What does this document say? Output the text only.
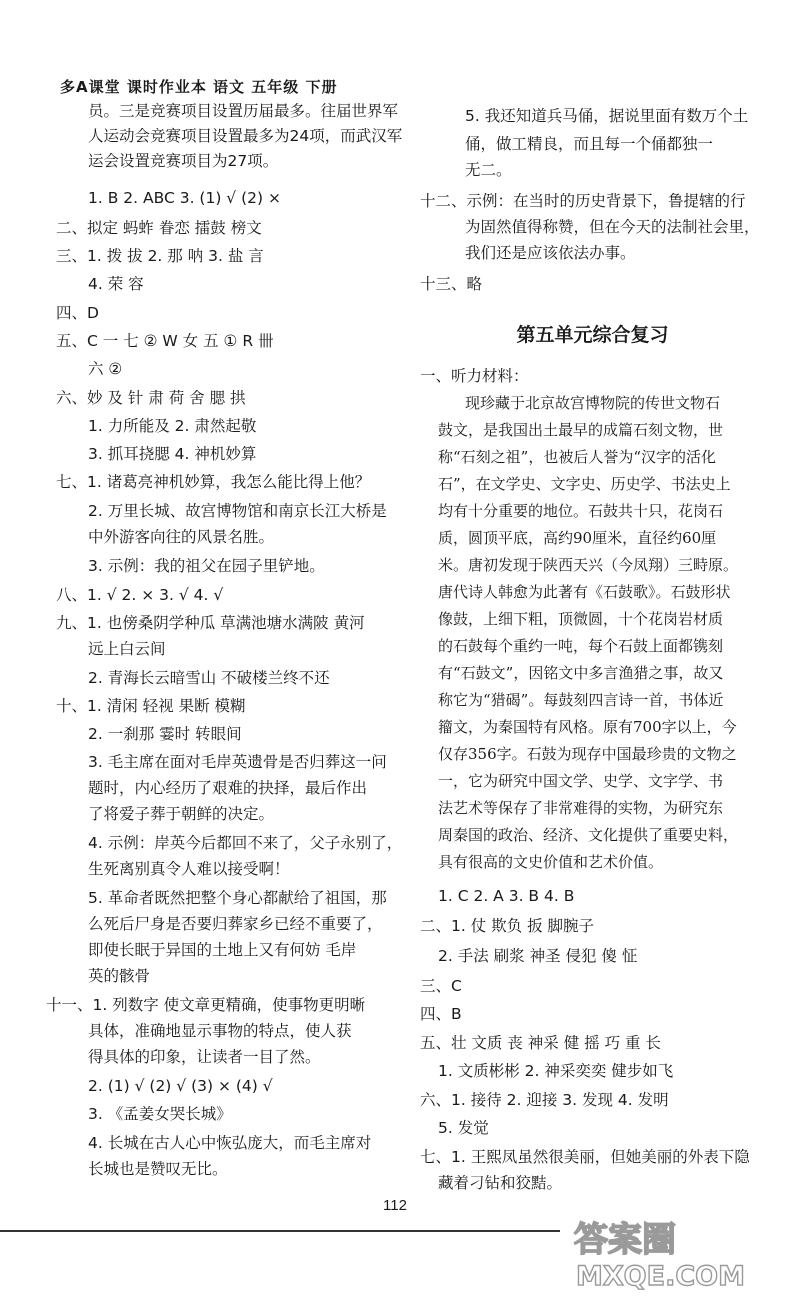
多A课堂 课时作业本 语文 五年级 下册
员。三是竞赛项目设置历届最多。往届世界军
人运动会竞赛项目设置最多为24项，而武汉军
运会设置竞赛项目为27项。
1. B 2. ABC 3. (1) √ (2) ×
二、拟定 蚂蚱 眷恋 擂鼓 榜文
三、1. 拨 拔 2. 那 呐 3. 盐 言
4. 荣 容
四、D
五、C ⼀ 七 ② W 女 五 ① R 卌
六 ②
六、妙 及 针 肃 荷 舍 腮 拱
1. 力所能及 2. 肃然起敬
3. 抓耳挠腮 4. 神机妙算
七、1. 诸葛亮神机妙算，我怎么能比得上他？
2. 万里长城、故宫博物馆和南京长江大桥是
中外游客向往的风景名胜。
3. 示例：我的祖父在园子里铲地。
八、1. √ 2. × 3. √ 4. √
九、1. 也傍桑阴学种瓜 草满池塘水满陂 黄河
远上白云间
2. 青海长云暗雪山 不破楼兰终不还
十、1. 清闲 轻视 果断 模糊
2. 一刹那 霎时 转眼间
3. 毛主席在面对毛岸英遗骨是否归葬这一问
题时，内心经历了艰难的抉择，最后作出
了将爱子葬于朝鲜的决定。
4. 示例：岸英今后都回不来了，父子永别了，
生死离别真令人难以接受啊！
5. 革命者既然把整个身心都献给了祖国，那
么死后尸身是否要归葬家乡已经不重要了，
即使长眠于异国的土地上又有何妨 毛岸
英的骸骨
十一、1. 列数字 使文章更精确，使事物更明晰
具体，准确地显示事物的特点，使人获
得具体的印象，让读者一目了然。
2. (1) √ (2) √ (3) × (4) √
3. 《孟姜女哭长城》
4. 长城在古人心中恢弘庞大，而毛主席对
长城也是赞叹无比。
5. 我还知道兵马俑，据说里面有数万个土
俑，做工精良，而且每一个俑都独一
无二。
十二、示例：在当时的历史背景下，鲁提辖的行
为固然值得称赞，但在今天的法制社会里，
我们还是应该依法办事。
十三、略
第五单元综合复习
一、听力材料：
现珍藏于北京故宫博物院的传世文物石
鼓文，是我国出土最早的成篇石刻文物，世
称“石刻之祖”，也被后人誉为“汉字的活化
石”，在文学史、文字史、历史学、书法史上
均有十分重要的地位。石鼓共十只，花岗石
质，圆顶平底，高约90厘米，直径约60厘
米。唐初发现于陕西天兴（今凤翔）三畤原。
唐代诗人韩愈为此著有《石鼓歌》。石鼓形状
像鼓，上细下粗，顶微圆，十个花岗岩材质
的石鼓每个重约一吨，每个石鼓上面都镌刻
有“石鼓文”，因铭文中多言渔猎之事，故又
称它为“猎碣”。每鼓刻四言诗一首，书体近
籀文，为秦国特有风格。原有700字以上，今
仅存356字。石鼓为现存中国最珍贵的文物之
一，它为研究中国文学、史学、文字学、书
法艺术等保存了非常难得的实物，为研究东
周秦国的政治、经济、文化提供了重要史料，
具有很高的文史价值和艺术价值。
1. C 2. A 3. B 4. B
二、1. 仗 欺负 扳 脚腕子
2. 手法 刷浆 神圣 侵犯 傻 怔
三、C
四、B
五、壮 文质 丧 神采 健 摇 巧 重 长
1. 文质彬彬 2. 神采奕奕 健步如飞
六、1. 接待 2. 迎接 3. 发现 4. 发明
5. 发觉
七、1. 王熙凤虽然很美丽，但她美丽的外表下隐
藏着刁钻和狡黠。
112
答案圈
MXQE.COM
